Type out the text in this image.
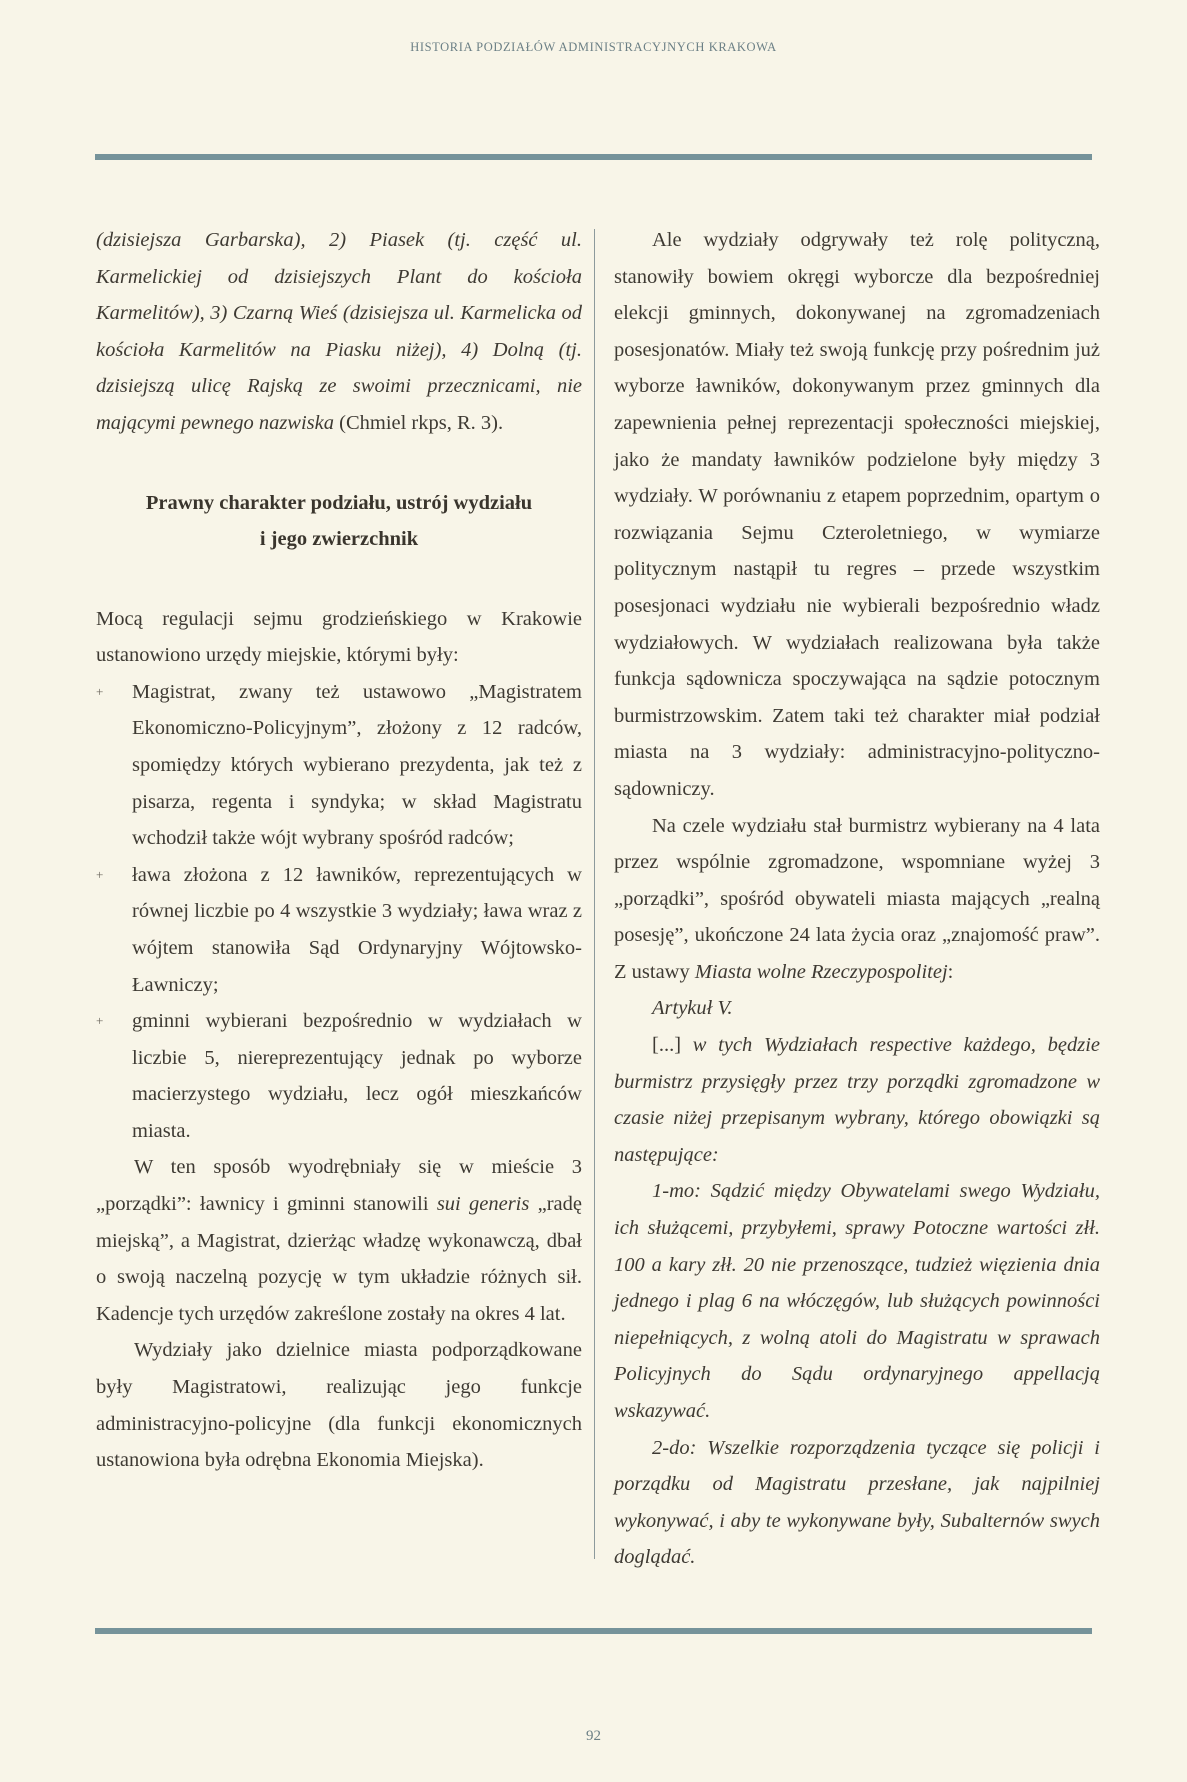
HISTORIA PODZIAŁÓW ADMINISTRACYJNYCH KRAKOWA

(dzisiejsza Garbarska), 2) Piasek (tj. część ul. Karmelickiej od dzisiejszych Plant do kościoła Karmelitów), 3) Czarną Wieś (dzisiejsza ul. Karmelicka od kościoła Karmelitów na Piasku niżej), 4) Dolną (tj. dzisiejszą ulicę Rajską ze swoimi przecznicami, nie mającymi pewnego nazwiska (Chmiel rkps, R. 3).

Prawny charakter podziału, ustrój wydziału
i jego zwierzchnik

Mocą regulacji sejmu grodzieńskiego w Krakowie ustanowiono urzędy miejskie, którymi były:

+ Magistrat, zwany też ustawowo „Magistratem Ekonomiczno-Policyjnym”, złożony z 12 radców, spomiędzy których wybierano prezydenta, jak też z pisarza, regenta i syndyka; w skład Magistratu wchodził także wójt wybrany spośród radców;
+ ława złożona z 12 ławników, reprezentujących w równej liczbie po 4 wszystkie 3 wydziały; ława wraz z wójtem stanowiła Sąd Ordynaryjny Wójtowsko-Ławniczy;
+ gminni wybierani bezpośrednio w wydziałach w liczbie 5, niereprezentujący jednak po wyborze macierzystego wydziału, lecz ogół mieszkańców miasta.

W ten sposób wyodrębniały się w mieście 3 „porządki”: ławnicy i gminni stanowili sui generis „radę miejską”, a Magistrat, dzierżąc władzę wykonawczą, dbał o swoją naczelną pozycję w tym układzie różnych sił. Kadencje tych urzędów zakreślone zostały na okres 4 lat.

Wydziały jako dzielnice miasta podporządkowane były Magistratowi, realizując jego funkcje administracyjno-policyjne (dla funkcji ekonomicznych ustanowiona była odrębna Ekonomia Miejska).

Ale wydziały odgrywały też rolę polityczną, stanowiły bowiem okręgi wyborcze dla bezpośredniej elekcji gminnych, dokonywanej na zgromadzeniach posesjonatów. Miały też swoją funkcję przy pośrednim już wyborze ławników, dokonywanym przez gminnych dla zapewnienia pełnej reprezentacji społeczności miejskiej, jako że mandaty ławników podzielone były między 3 wydziały. W porównaniu z etapem poprzednim, opartym o rozwiązania Sejmu Czteroletniego, w wymiarze politycznym nastąpił tu regres – przede wszystkim posesjonaci wydziału nie wybierali bezpośrednio władz wydziałowych. W wydziałach realizowana była także funkcja sądownicza spoczywająca na sądzie potocznym burmistrzowskim. Zatem taki też charakter miał podział miasta na 3 wydziały: administracyjno-polityczno-sądowniczy.

Na czele wydziału stał burmistrz wybierany na 4 lata przez wspólnie zgromadzone, wspomniane wyżej 3 „porządki”, spośród obywateli miasta mających „realną posesję”, ukończone 24 lata życia oraz „znajomość praw”. Z ustawy Miasta wolne Rzeczypospolitej:

Artykuł V.

[...] w tych Wydziałach respective każdego, będzie burmistrz przysięgły przez trzy porządki zgromadzone w czasie niżej przepisanym wybrany, którego obowiązki są następujące:

1-mo: Sądzić między Obywatelami swego Wydziału, ich służącemi, przybyłemi, sprawy Potoczne wartości złł. 100 a kary złł. 20 nie przenoszące, tudzież więzienia dnia jednego i plag 6 na włóczęgów, lub służących powinności niepełniących, z wolną atoli do Magistratu w sprawach Policyjnych do Sądu ordynaryjnego appellacją wskazywać.

2-do: Wszelkie rozporządzenia tyczące się policji i porządku od Magistratu przesłane, jak najpilniej wykonywać, i aby te wykonywane były, Subalternów swych doglądać.

92
